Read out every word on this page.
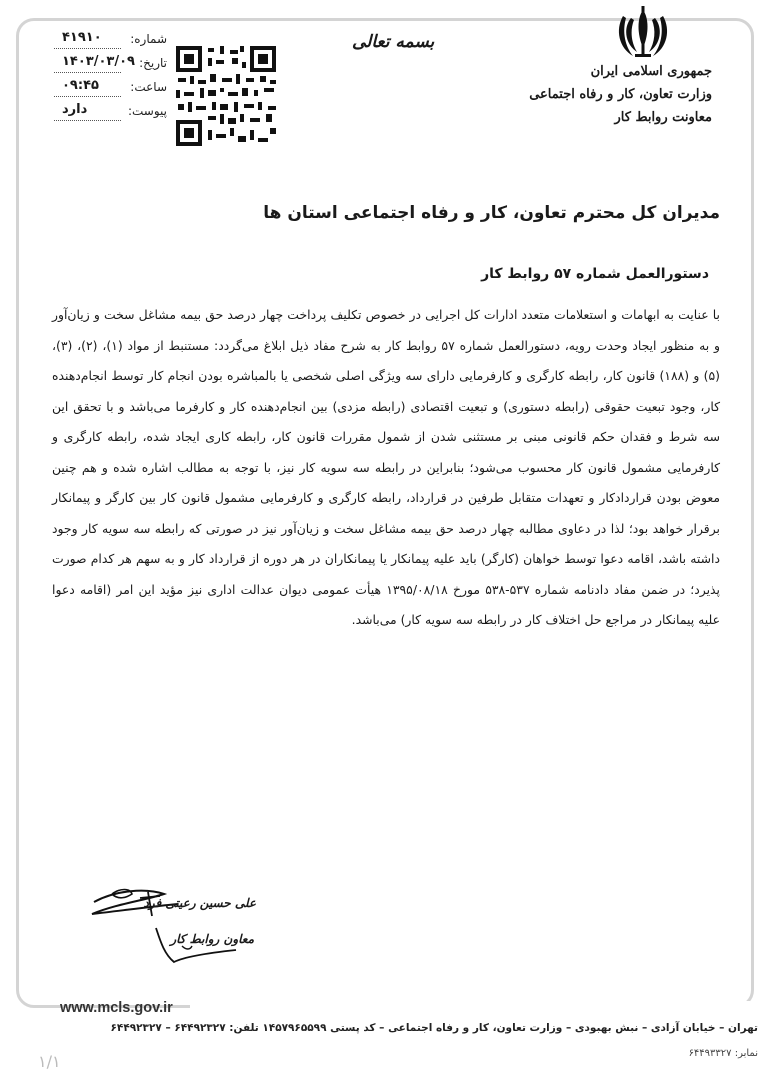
جمهوری اسلامی ایران
وزارت تعاون، کار و رفاه اجتماعی
معاونت روابط کار
بسمه تعالی
شماره:
۴۱۹۱۰
تاریخ:
۱۴۰۳/۰۳/۰۹
ساعت:
۰۹:۴۵
پیوست:
دارد
مدیران کل محترم تعاون، کار و رفاه اجتماعی استان ها
دستورالعمل شماره ۵۷ روابط کار

با عنایت به ابهامات و استعلامات متعدد ادارات کل اجرایی در خصوص تکلیف پرداخت چهار درصد حق بیمه مشاغل سخت و زیان‌آور و به منظور ایجاد وحدت رویه، دستورالعمل شماره ۵۷ روابط کار به شرح مفاد ذیل ابلاغ می‌گردد: مستنبط از مواد (۱)، (۲)، (۳)، (۵) و (۱۸۸) قانون کار، رابطه کارگری و کارفرمایی دارای سه ویژگی اصلی شخصی یا بالمباشره بودن انجام کار توسط انجام‌دهنده کار، وجود تبعیت حقوقی (رابطه دستوری) و تبعیت اقتصادی (رابطه مزدی) بین انجام‌دهنده کار و کارفرما می‌باشد و با تحقق این سه شرط و فقدان حکم قانونی مبنی بر مستثنی شدن از شمول مقررات قانون کار، رابطه کاری ایجاد شده، رابطه کارگری و کارفرمایی مشمول قانون کار محسوب می‌شود؛ بنابراین در رابطه سه سویه کار نیز، با توجه به مطالب اشاره شده و هم چنین معوض بودن قراردادکار و تعهدات متقابل طرفین در قرارداد، رابطه کارگری و کارفرمایی مشمول قانون کار بین کارگر و پیمانکار برقرار خواهد بود؛ لذا در دعاوی مطالبه چهار درصد حق بیمه مشاغل سخت و زیان‌آور نیز در صورتی که رابطه سه سویه کار وجود داشته باشد، اقامه دعوا توسط خواهان (کارگر) باید علیه پیمانکار یا پیمانکاران در هر دوره از قرارداد کار و به سهم هر کدام صورت پذیرد؛ در ضمن مفاد دادنامه شماره ۵۳۷-۵۳۸ مورخ ۱۳۹۵/۰۸/۱۸ هیأت عمومی دیوان عدالت اداری نیز مؤید این امر (اقامه دعوا علیه پیمانکار در مراجع حل اختلاف کار در رابطه سه سویه کار) می‌باشد.

علی حسین رعیتی فرد
معاون روابط کار
www.mcls.gov.ir
تهران – خیابان آزادی – نبش بهبودی – وزارت تعاون، کار و رفاه اجتماعی – کد پستی ۱۴۵۷۹۶۵۵۹۹ تلفن: ۶۴۴۹۲۳۲۷ – ۶۴۴۹۲۳۲۷
نمابر: ۶۴۴۹۳۳۲۷
۱/۱
